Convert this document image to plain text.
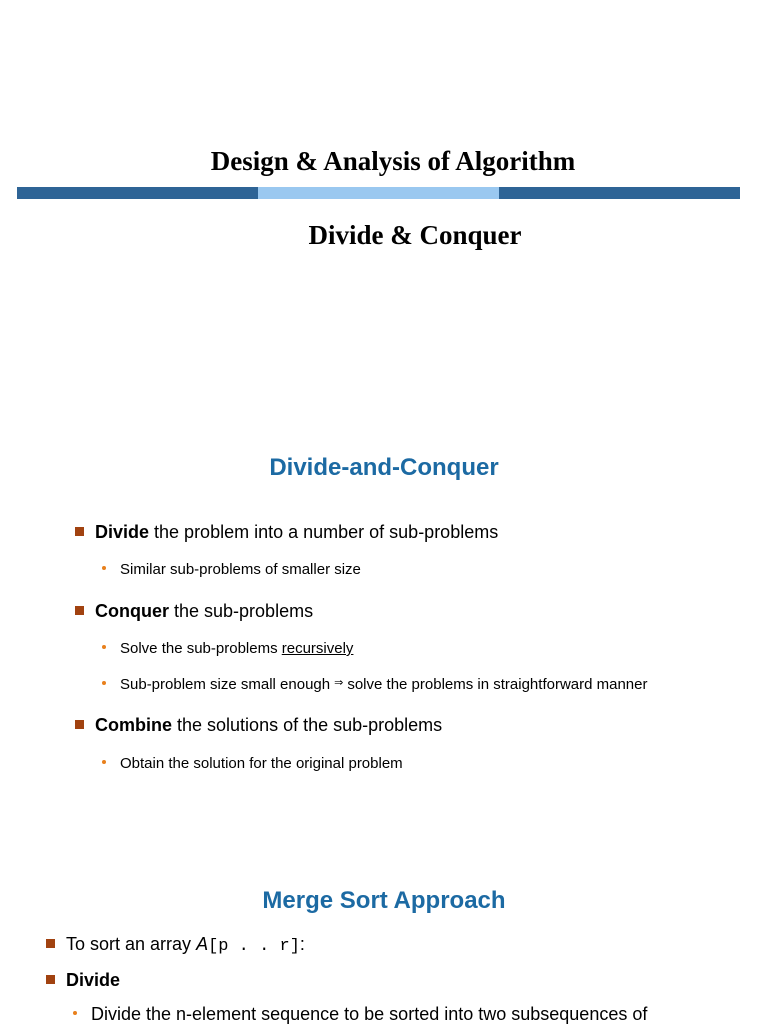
Design & Analysis of Algorithm
Divide & Conquer
Divide-and-Conquer
Divide the problem into a number of sub-problems
Similar sub-problems of smaller size
Conquer the sub-problems
Solve the sub-problems recursively
Sub-problem size small enough ⇒ solve the problems in straightforward manner
Combine the solutions of the sub-problems
Obtain the solution for the original problem
Merge Sort Approach
To sort an array A[p . . r]:
Divide
Divide the n-element sequence to be sorted into two subsequences of
